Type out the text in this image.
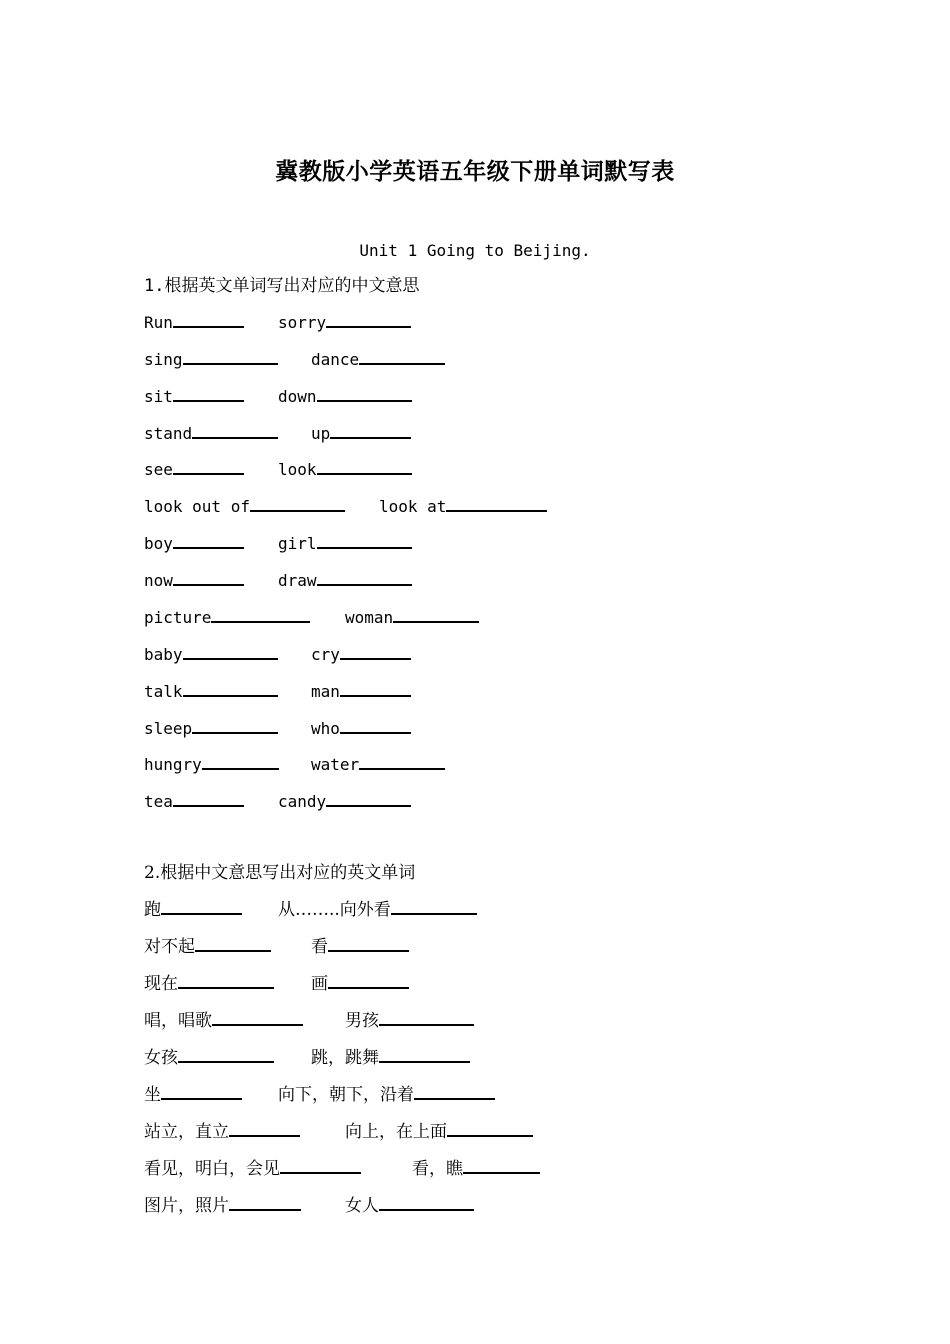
冀教版小学英语五年级下册单词默写表
Unit 1 Going to Beijing.
1.根据英文单词写出对应的中文意思
Run	sorry
sing	dance
sit	down
stand	up
see	look
look out of	look at
boy	girl
now	draw
picture	woman
baby	cry
talk	man
sleep	who
hungry	water
tea	candy
2.根据中文意思写出对应的英文单词
跑	从……..向外看
对不起	看
现在	画
唱，唱歌	男孩
女孩	跳，跳舞
坐	向下，朝下，沿着
站立，直立	向上，在上面
看见，明白，会见	看，瞧
图片，照片	女人
